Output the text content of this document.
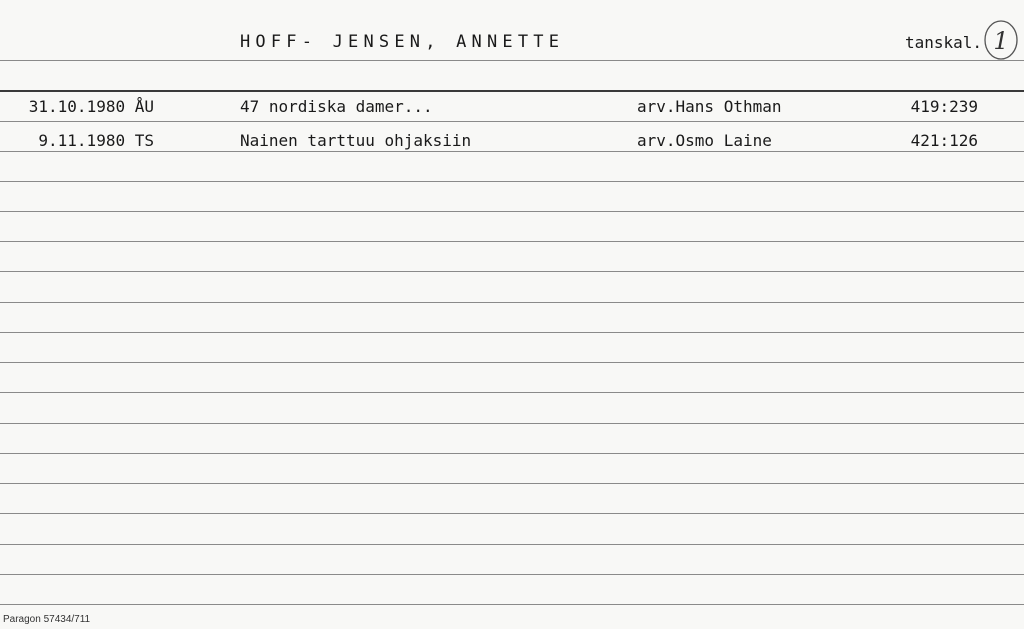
HOFF- JENSEN, ANNETTE	tanskal. 1
31.10.1980 ÅU	47 nordiska damer...	arv.Hans Othman	419:239
9.11.1980 TS	Nainen tarttuu ohjaksiin	arv.Osmo Laine	421:126
Paragon 57434/711
